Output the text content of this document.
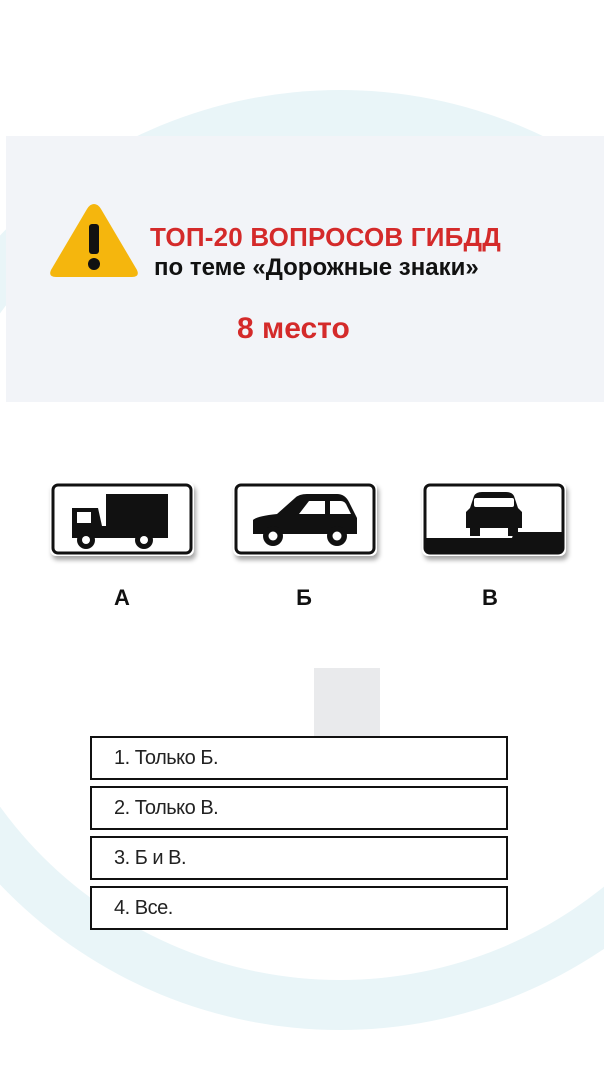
ТОП-20 ВОПРОСОВ ГИБДД
по теме «Дорожные знаки»
8 место
А	Б	В
1. Только Б.
2. Только В.
3. Б и В.
4. Все.
